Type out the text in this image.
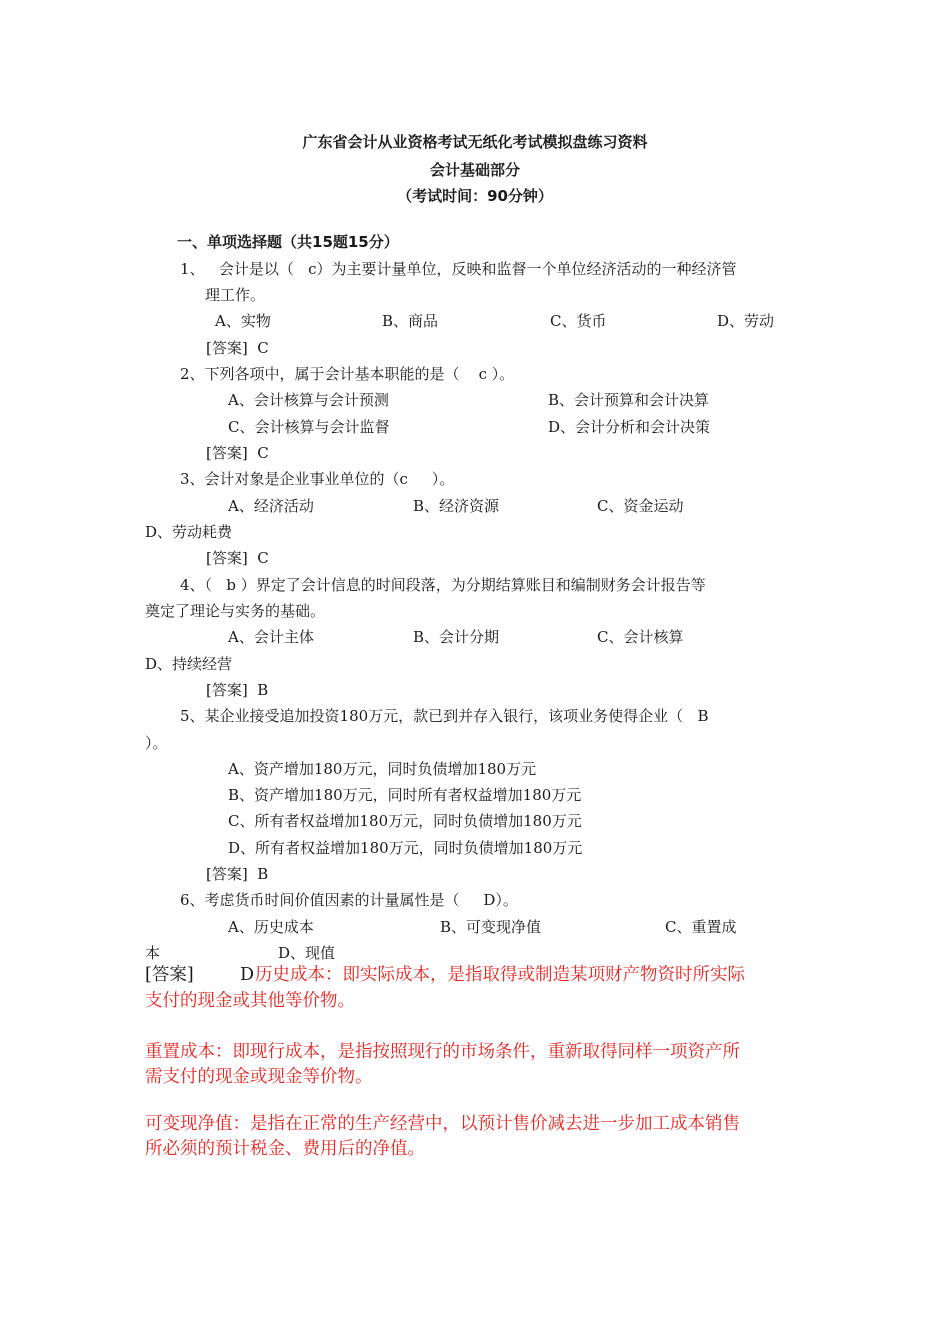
广东省会计从业资格考试无纸化考试模拟盘练习资料
会计基础部分
（考试时间：90分钟）
一、单项选择题（共15题15分）
1、   会计是以（   c）为主要计量单位，反映和监督一个单位经济活动的一种经济管
理工作。
A、实物	B、商品	C、货币	D、劳动
[答案]  C
2、下列各项中，属于会计基本职能的是（    c ）。
A、会计核算与会计预测	B、会计预算和会计决算
C、会计核算与会计监督	D、会计分析和会计决策
[答案]  C
3、会计对象是企业事业单位的（c     ）。
A、经济活动	B、经济资源	C、资金运动
D、劳动耗费
[答案]  C
4、（   b ）界定了会计信息的时间段落，为分期结算账目和编制财务会计报告等
奠定了理论与实务的基础。
A、会计主体	B、会计分期	C、会计核算
D、持续经营
[答案]  B
5、某企业接受追加投资180万元，款已到并存入银行，该项业务使得企业（   B
）。
A、资产增加180万元，同时负债增加180万元
B、资产增加180万元，同时所有者权益增加180万元
C、所有者权益增加180万元，同时负债增加180万元
D、所有者权益增加180万元，同时负债增加180万元
[答案]  B
6、考虑货币时间价值因素的计量属性是（     D）。
A、历史成本	B、可变现净值	C、重置成
本	D、现值
[答案]	D 历史成本：即实际成本，是指取得或制造某项财产物资时所实际
支付的现金或其他等价物。
重置成本：即现行成本，是指按照现行的市场条件，重新取得同样一项资产所
需支付的现金或现金等价物。
可变现净值：是指在正常的生产经营中，以预计售价减去进一步加工成本销售
所必须的预计税金、费用后的净值。
